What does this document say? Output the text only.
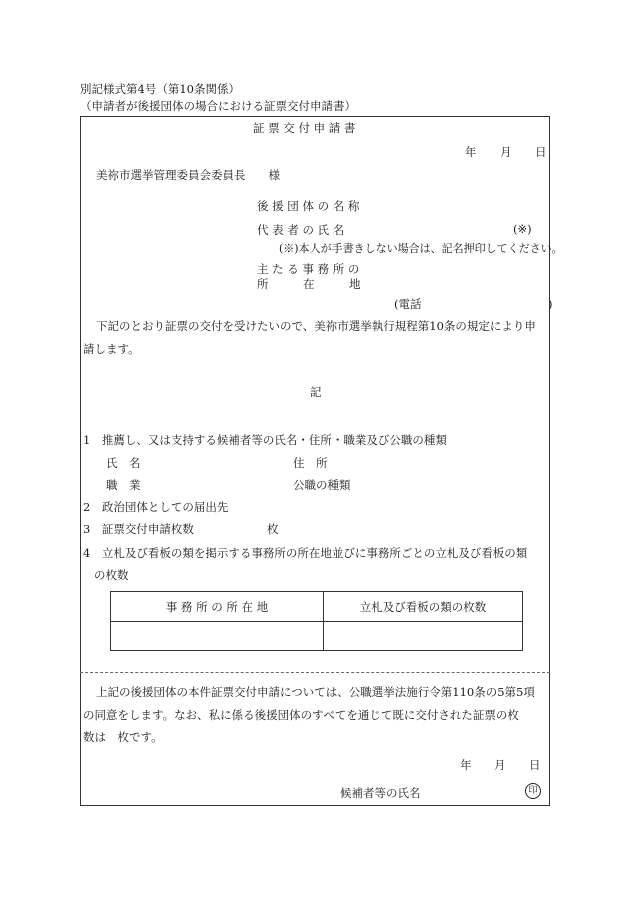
別記様式第4号（第10条関係）
（申請者が後援団体の場合における証票交付申請書）
証 票 交 付 申 請 書
年 月 日
美祢市選挙管理委員会委員長　　様
後 援 団 体 の 名 称
代 表 者 の 氏 名	(※)
(※)本人が手書きしない場合は、記名押印してください。
主 た る 事 務 所 の
所　　　在　　　地
(電話　　　　　　　　　　　)
下記のとおり証票の交付を受けたいので、美祢市選挙執行規程第10条の規定により申
請します。
記
1　推薦し、又は支持する候補者等の氏名・住所・職業及び公職の種類
氏　名	住　所
職　業	公職の種類
2　政治団体としての届出先
3　証票交付申請枚数	枚
4　立札及び看板の類を掲示する事務所の所在地並びに事務所ごとの立札及び看板の類
の枚数
事 務 所 の 所 在 地	立札及び看板の類の枚数

上記の後援団体の本件証票交付申請については、公職選挙法施行令第110条の5第5項
の同意をします。なお、私に係る後援団体のすべてを通じて既に交付された証票の枚
数は　枚です。
年 月 日
候補者等の氏名	印
